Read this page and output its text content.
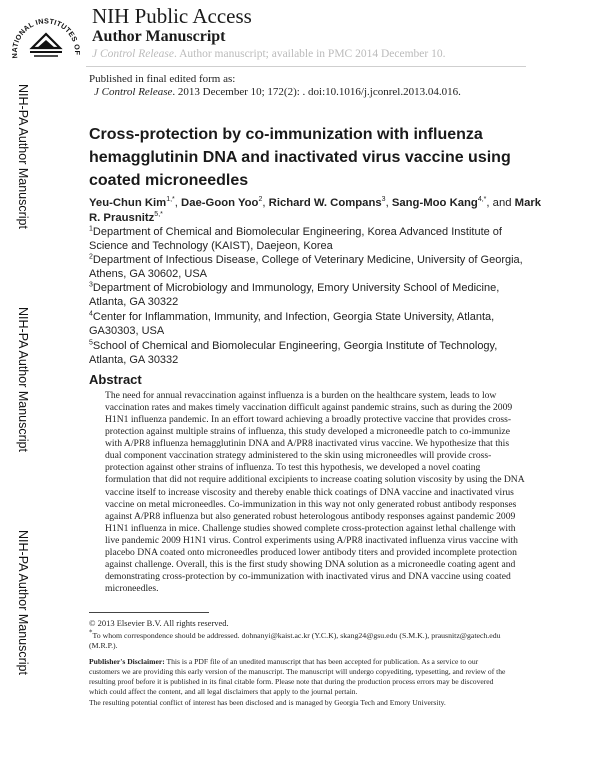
NATIONAL INSTITUTES OF
NIH Public Access
Author Manuscript
J Control Release. Author manuscript; available in PMC 2014 December 10.
Published in final edited form as:
J Control Release. 2013 December 10; 172(2): . doi:10.1016/j.jconrel.2013.04.016.
NIH-PA Author Manuscript
NIH-PA Author Manuscript
NIH-PA Author Manuscript
Cross-protection by co-immunization with influenza hemagglutinin DNA and inactivated virus vaccine using coated microneedles
Yeu-Chun Kim$^{1,*}$, Dae-Goon Yoo$^2$, Richard W. Compans$^3$, Sang-Moo Kang$^{4,*}$, and Mark R. Prausnitz$^{5,*}$
$^1$Department of Chemical and Biomolecular Engineering, Korea Advanced Institute of Science and Technology (KAIST), Daejeon, Korea
$^2$Department of Infectious Disease, College of Veterinary Medicine, University of Georgia, Athens, GA 30602, USA
$^3$Department of Microbiology and Immunology, Emory University School of Medicine, Atlanta, GA 30322
$^4$Center for Inflammation, Immunity, and Infection, Georgia State University, Atlanta, GA30303, USA
$^5$School of Chemical and Biomolecular Engineering, Georgia Institute of Technology, Atlanta, GA 30332
Abstract
The need for annual revaccination against influenza is a burden on the healthcare system, leads to low vaccination rates and makes timely vaccination difficult against pandemic strains, such as during the 2009 H1N1 influenza pandemic. In an effort toward achieving a broadly protective vaccine that provides cross-protection against multiple strains of influenza, this study developed a microneedle patch to co-immunize with A/PR8 influenza hemagglutinin DNA and A/PR8 inactivated virus vaccine. We hypothesize that this dual component vaccination strategy administered to the skin using microneedles will provide cross-protection against other strains of influenza. To test this hypothesis, we developed a novel coating formulation that did not require additional excipients to increase coating solution viscosity by using the DNA vaccine itself to increase viscosity and thereby enable thick coatings of DNA vaccine and inactivated virus vaccine on metal microneedles. Co-immunization in this way not only generated robust antibody responses against A/PR8 influenza but also generated robust heterologous antibody responses against pandemic 2009 H1N1 influenza in mice. Challenge studies showed complete cross-protection against lethal challenge with live pandemic 2009 H1N1 virus. Control experiments using A/PR8 inactivated influenza virus vaccine with placebo DNA coated onto microneedles produced lower antibody titers and provided incomplete protection against challenge. Overall, this is the first study showing DNA solution as a microneedle coating agent and demonstrating cross-protection by co-immunization with inactivated virus and DNA vaccine using coated microneedles.
© 2013 Elsevier B.V. All rights reserved.
*To whom correspondence should be addressed. dohnanyi@kaist.ac.kr (Y.C.K), skang24@gsu.edu (S.M.K.), prausnitz@gatech.edu (M.R.P.).
Publisher's Disclaimer: This is a PDF file of an unedited manuscript that has been accepted for publication. As a service to our customers we are providing this early version of the manuscript. The manuscript will undergo copyediting, typesetting, and review of the resulting proof before it is published in its final citable form. Please note that during the production process errors may be discovered which could affect the content, and all legal disclaimers that apply to the journal pertain.
The resulting potential conflict of interest has been disclosed and is managed by Georgia Tech and Emory University.
